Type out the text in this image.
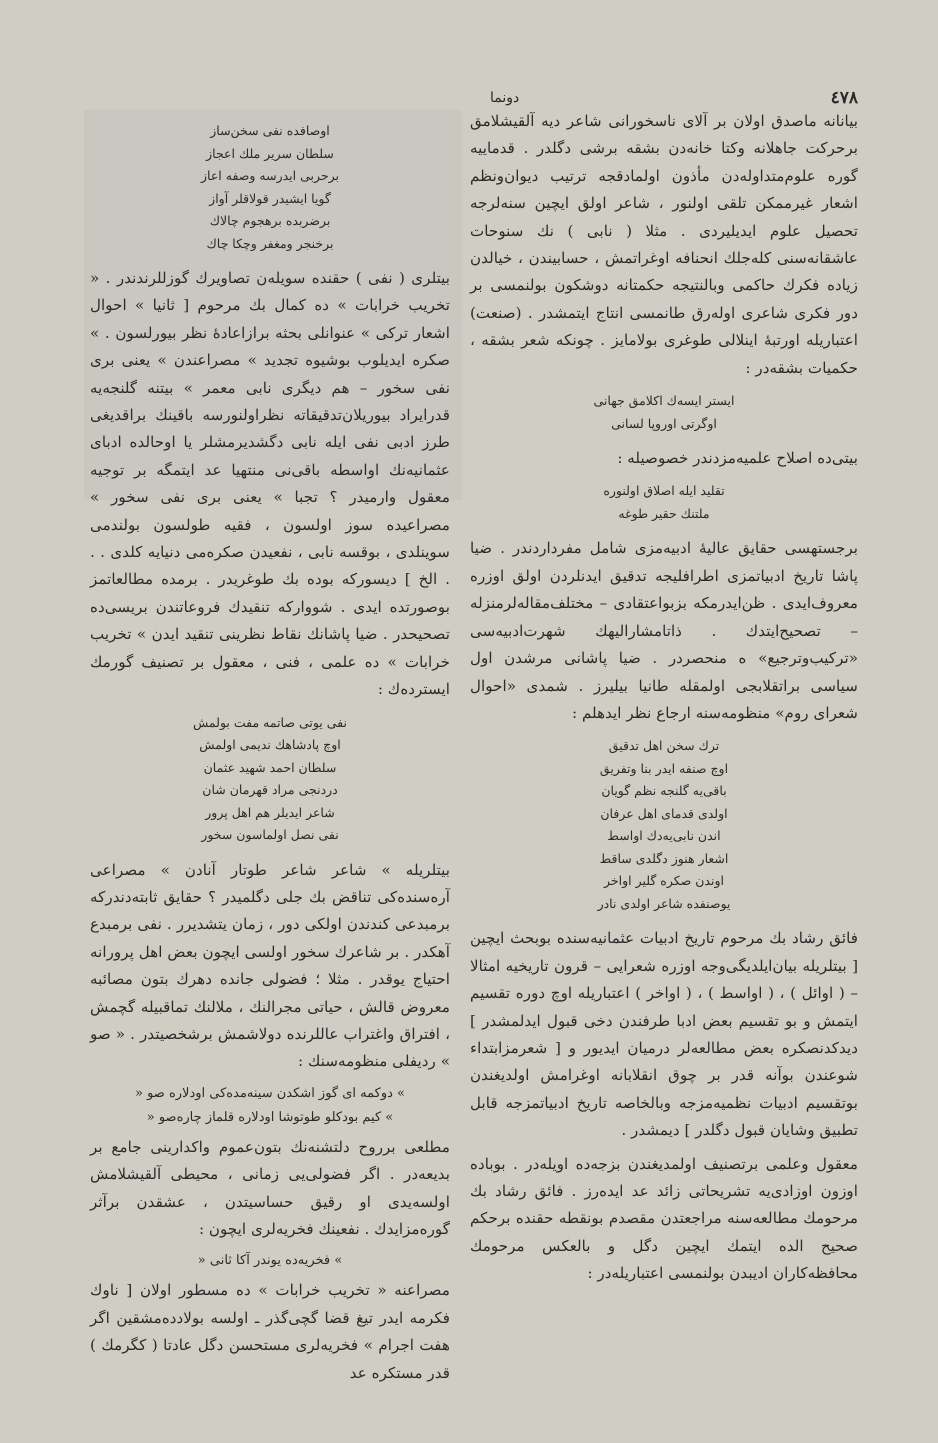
٤٧٨
دونما

بیانانه ماصدق اولان بر آلای ناسخورانی شاعر دیه آلقیشلامق برحرکت جاهلانه وکتا خانه‌دن بشقه برشی دگلدر . قدماییه گوره علوم‌متداوله‌دن مأذون اولمادقجه ترتیب دیوان‌ونظم اشعار غیرممکن تلقی اولنور ، شاعر اولق ایچین سنه‌لرجه تحصیل علوم ایدیلیردی . مثلا ( نابی ) نك سنوحات عاشقانه‌سنی کله‌جلك انحنافه اوغراتمش ، حسابیندن ، خیالدن زیاده فکرك حاکمی وبالنتیجه حکمتانه دوشکون بولنمسی بر دور فکری شاعری اوله‌رق طانمسی انتاج ایتمشدر . (صنعت) اعتباریله اورتبهٔ اینلالی طوغری بولامایز . چونکه شعر بشقه ، حکمیات بشقه‌در :

ایستر ایسه‌ك اکلامق جهانی
اوگرتی اوروپا لسانی

بیتی‌ده اصلاح علمیه‌مزدندر خصوصیله :

تقلید ایله اصلاق اولنوره
ملتنك حقیر طوغه

برجستهسی حقایق عالیهٔ ادبیه‌مزی شامل مفرداردندر . ضیا پاشا تاریخ ادبیاتمزی اطرافلیجه تدقیق ایدنلردن اولق اوزره معروف‌ایدی . ظن‌ایدرمکه بزبواعتقادی – مختلف‌مقاله‌لرمنزله – تصحیح‌ایتدك . ذاتا‌مشارالیهك شهرت‌ادبیه‌سی «ترکیب‌وترجیع» ه منحصردر . ضیا پاشانی مرشدن اول سیاسی براتقلابجی اولمقله طانیا بیلیرز . شمدی «احوال شعرای روم» منظومه‌سنه ارجاع نظر ایدهلم :

ترك سخن اهل تدقیق
اوچ صنفه ایدر بنا وتفریق
باقی‌یه گلنجه نظم گویان
اولدی قدمای اهل عرفان
اندن نابی‌یه‌دك اواسط
اشعار هنوز دگلدی ساقط
اوندن صکره گلیر اواخر
یوصنفده شاعر اولدی نادر

فائق رشاد بك مرحوم تاریخ ادبیات عثمانیه‌سنده بوبحث ایچین [ بیتلریله بیان‌ایلدیگی‌وجه اوزره شعرایی – قرون تاریخیه امثالا – ( اوائل ) ، ( اواسط ) ، ( اواخر ) اعتباریله اوچ دوره تقسیم ایتمش و بو تقسیم بعض ادبا طرفندن دخی قبول ایدلمشدر ] دیدکدنصکره بعض مطالعه‌لر درمیان ایدیور و [ شعرمزابتداء شوعندن بوآنه قدر بر چوق انقلابانه اوغرامش اولدیغندن بوتقسیم ادبیات نظمیه‌مزجه وبالخاصه تاریخ ادبیاتمزجه قابل تطبیق وشایان قبول دگلدر ] دیمشدر .

معقول وعلمی برتصنیف اولمدیغندن بزجه‌ده اویله‌در . بوباده اوزون اوزادی‌یه تشریحاتی زائد عد ایده‌رز . فائق رشاد بك مرحومك مطالعه‌سنه مراجعتدن مقصدم بونقطه حقنده برحکم صحیح الده ایتمك ایچین دگل و بالعکس مرحومك محافظه‌کاران ادیبدن بولنمسی اعتباریله‌در :

اوصافده نفی سخن‌ساز
سلطان سریر ملك اعجاز
برحربی ایدرسه وصفه اعاز
گویا ایشیدر قولاقلر آواز
برضربده برهجوم چالاك
برخنجر ومغفر وچکا چاك

بیتلری ( نفی ) حقنده سویله‌ن تصاویرك گوزللرندندر . « تخریب خرابات » ده کمال بك مرحوم [ ثانیا » احوال اشعار ترکی » عنوانلی بحثه برازاعادهٔ نظر بیورلسون . » صکره ایدیلوب بوشیوه تجدید » مصراعندن » یعنی بری نفی سخور – هم دیگری نابی معمر » بیتنه گلنجه‌یه قدرایراد بیوریلان‌تدقیقاته نظراولنورسه باقینك براقدیغی طرز ادبی نفی ایله نابی دگشدیرمشلر یا اوحالده ادبای عثمانیه‌نك اواسطه باقی‌نی منتهیا عد ایتمگه بر توجیه معقول وارمیدر ؟ تجبا » یعنی بری نفی سخور » مصراعیده سوز اولسون ، فقیه طولسون بولندمی سوینلدی ، بوقسه نابی ، نفعیدن صکره‌می دنیایه کلدی . . . الخ ] دیسورکه بوده بك طوغریدر . برمده مطالعاتمز بوصورتده ایدی . شووارکه تنقیدك فروعاتندن بریسی‌ده تصحیحدر . ضیا پاشانك نقاط نظرینی تنقید ایدن » تخریب خرابات » ده علمی ، فنی ، معقول بر تصنیف گورمك ایسترده‌ك :

نفی یوتی صاتمه مفت بولمش
اوچ پادشاهك ندیمی اولمش
سلطان احمد شهید عثمان
دردنجی مراد قهرمان شان
شاعر ایدیلر هم اهل پرور
نفی نصل اولماسون سخور

بیتلریله » شاعر شاعر طوتار آنادن » مصراعی آره‌سنده‌کی تناقض بك جلی دگلمیدر ؟ حقایق ثابته‌دندرکه برمبدعی کندندن اولکی دور ، زمان یتشدیرر . نفی برمبدع آهکدر . بر شاعرك سخور اولسی ایچون بعض اهل پرورانه احتیاج یوقدر . مثلا ؛ فضولی جانده دهرك بتون مصائبه معروض قالش ، حیاتی مجرالنك ، ملالنك تماقبیله گچمش ، افتراق واغتراب عاللرنده دولاشمش برشخصیتدر . « صو » ردیفلی منظومه‌سنك :

» دوکمه ای گوز اشکدن سینه‌مده‌کی اودلاره صو «
» کیم بودکلو طوتوشا اودلاره قلماز چاره‌صو «

مطلعی برروح دلتشنه‌نك بتون‌عموم واکدارینی جامع بر بدیعه‌در . اگر فضولی‌یی زمانی ، محیطی آلقیشلامش اولسه‌یدی او رقیق حساسیتدن ، عشقدن برآثر گوره‌مزایدك . نفعینك فخریه‌لری ایچون :

» فخریه‌ده یوندر آکا ثانی «

مصراعنه « تخریب خرابات » ده مسطور اولان [ ناوك فکرمه ایدر تیغ قضا گچی‌گذر ـ اولسه بولادده‌مشقین اگر هفت اجرام » فخریه‌لری مستحسن دگل عادتا ( کگرمك ) قدر مستکره عد
